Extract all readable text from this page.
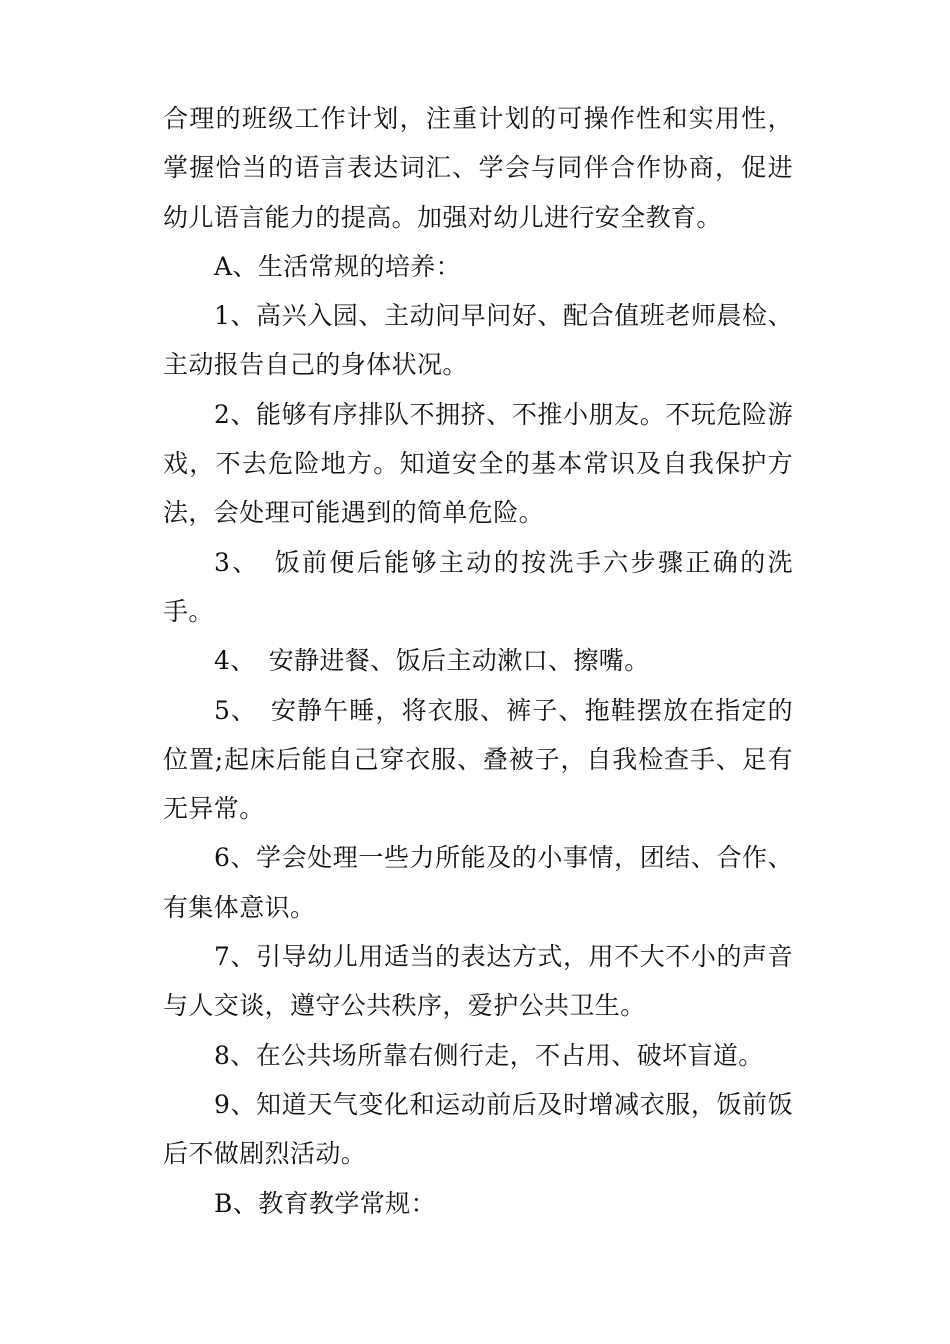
合理的班级工作计划，注重计划的可操作性和实用性，掌握恰当的语言表达词汇、学会与同伴合作协商，促进幼儿语言能力的提高。加强对幼儿进行安全教育。

A、生活常规的培养：

1、高兴入园、主动问早问好、配合值班老师晨检、主动报告自己的身体状况。

2、能够有序排队不拥挤、不推小朋友。不玩危险游戏，不去危险地方。知道安全的基本常识及自我保护方法，会处理可能遇到的简单危险。

3、　饭前便后能够主动的按洗手六步骤正确的洗手。

4、　安静进餐、饭后主动漱口、擦嘴。

5、　安静午睡，将衣服、裤子、拖鞋摆放在指定的位置;起床后能自己穿衣服、叠被子，自我检查手、足有无异常。

6、学会处理一些力所能及的小事情，团结、合作、有集体意识。

7、引导幼儿用适当的表达方式，用不大不小的声音与人交谈，遵守公共秩序，爱护公共卫生。

8、在公共场所靠右侧行走，不占用、破坏盲道。

9、知道天气变化和运动前后及时增减衣服，饭前饭后不做剧烈活动。

B、教育教学常规：
